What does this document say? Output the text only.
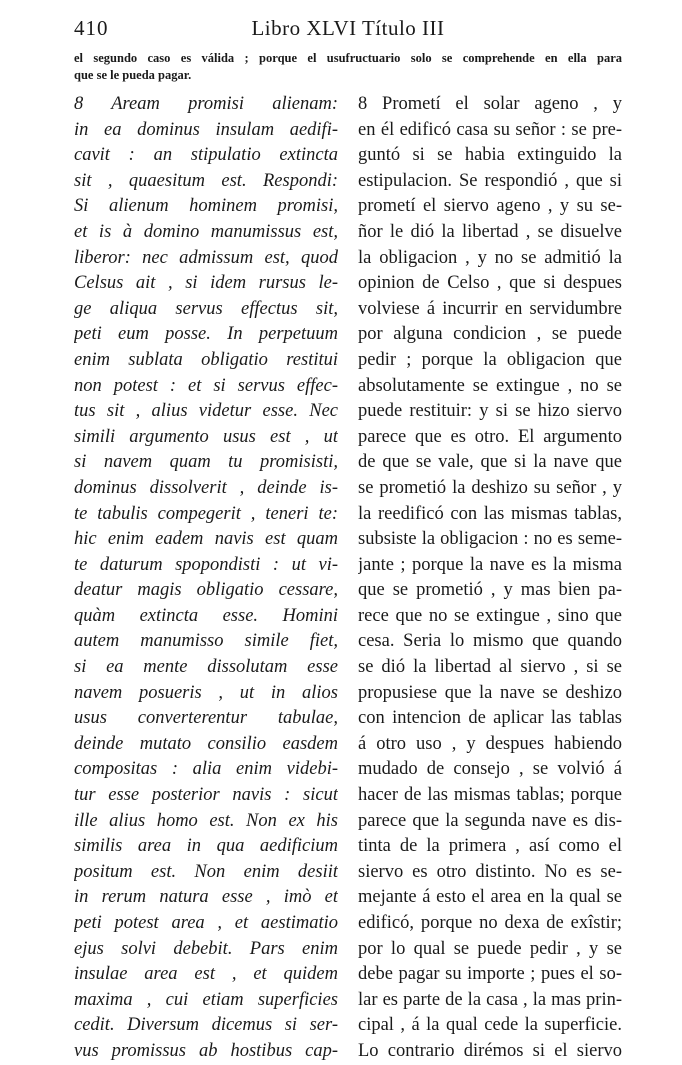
410	Libro XLVI Título III
el segundo caso es válida ; porque el usufructuario solo se comprehende en ella para
que se le pueda pagar.
8 Aream promisi alienam:
in ea dominus insulam aedifi-
cavit : an stipulatio extincta
sit , quaesitum est. Respondi:
Si alienum hominem promisi,
et is à domino manumissus est,
liberor: nec admissum est, quod
Celsus ait , si idem rursus le-
ge aliqua servus effectus sit,
peti eum posse. In perpetuum
enim sublata obligatio restitui
non potest : et si servus effec-
tus sit , alius videtur esse. Nec
simili argumento usus est , ut
si navem quam tu promisisti,
dominus dissolverit , deinde is-
te tabulis compegerit , teneri te:
hic enim eadem navis est quam
te daturum spopondisti : ut vi-
deatur magis obligatio cessare,
quàm extincta esse. Homini
autem manumisso simile fiet,
si ea mente dissolutam esse
navem posueris , ut in alios
usus converterentur tabulae,
deinde mutato consilio easdem
compositas : alia enim videbi-
tur esse posterior navis : sicut
ille alius homo est. Non ex his
similis area in qua aedificium
positum est. Non enim desiit
in rerum natura esse , imò et
peti potest area , et aestimatio
ejus solvi debebit. Pars enim
insulae area est , et quidem
maxima , cui etiam superficies
cedit. Diversum dicemus si ser-
vus promissus ab hostibus cap-
8 Prometí el solar ageno , y
en él edificó casa su señor : se pre-
guntó si se habia extinguido la
estipulacion. Se respondió , que si
prometí el siervo ageno , y su se-
ñor le dió la libertad , se disuelve
la obligacion , y no se admitió la
opinion de Celso , que si despues
volviese á incurrir en servidumbre
por alguna condicion , se puede
pedir ; porque la obligacion que
absolutamente se extingue , no se
puede restituir: y si se hizo siervo
parece que es otro. El argumento
de que se vale, que si la nave que
se prometió la deshizo su señor , y
la reedificó con las mismas tablas,
subsiste la obligacion : no es seme-
jante ; porque la nave es la misma
que se prometió , y mas bien pa-
rece que no se extingue , sino que
cesa. Seria lo mismo que quando
se dió la libertad al siervo , si se
propusiese que la nave se deshizo
con intencion de aplicar las tablas
á otro uso , y despues habiendo
mudado de consejo , se volvió á
hacer de las mismas tablas; porque
parece que la segunda nave es dis-
tinta de la primera , así como el
siervo es otro distinto. No es se-
mejante á esto el area en la qual se
edificó, porque no dexa de exîstir;
por lo qual se puede pedir , y se
debe pagar su importe ; pues el so-
lar es parte de la casa , la mas prin-
cipal , á la qual cede la superficie.
Lo contrario dirémos si el siervo
